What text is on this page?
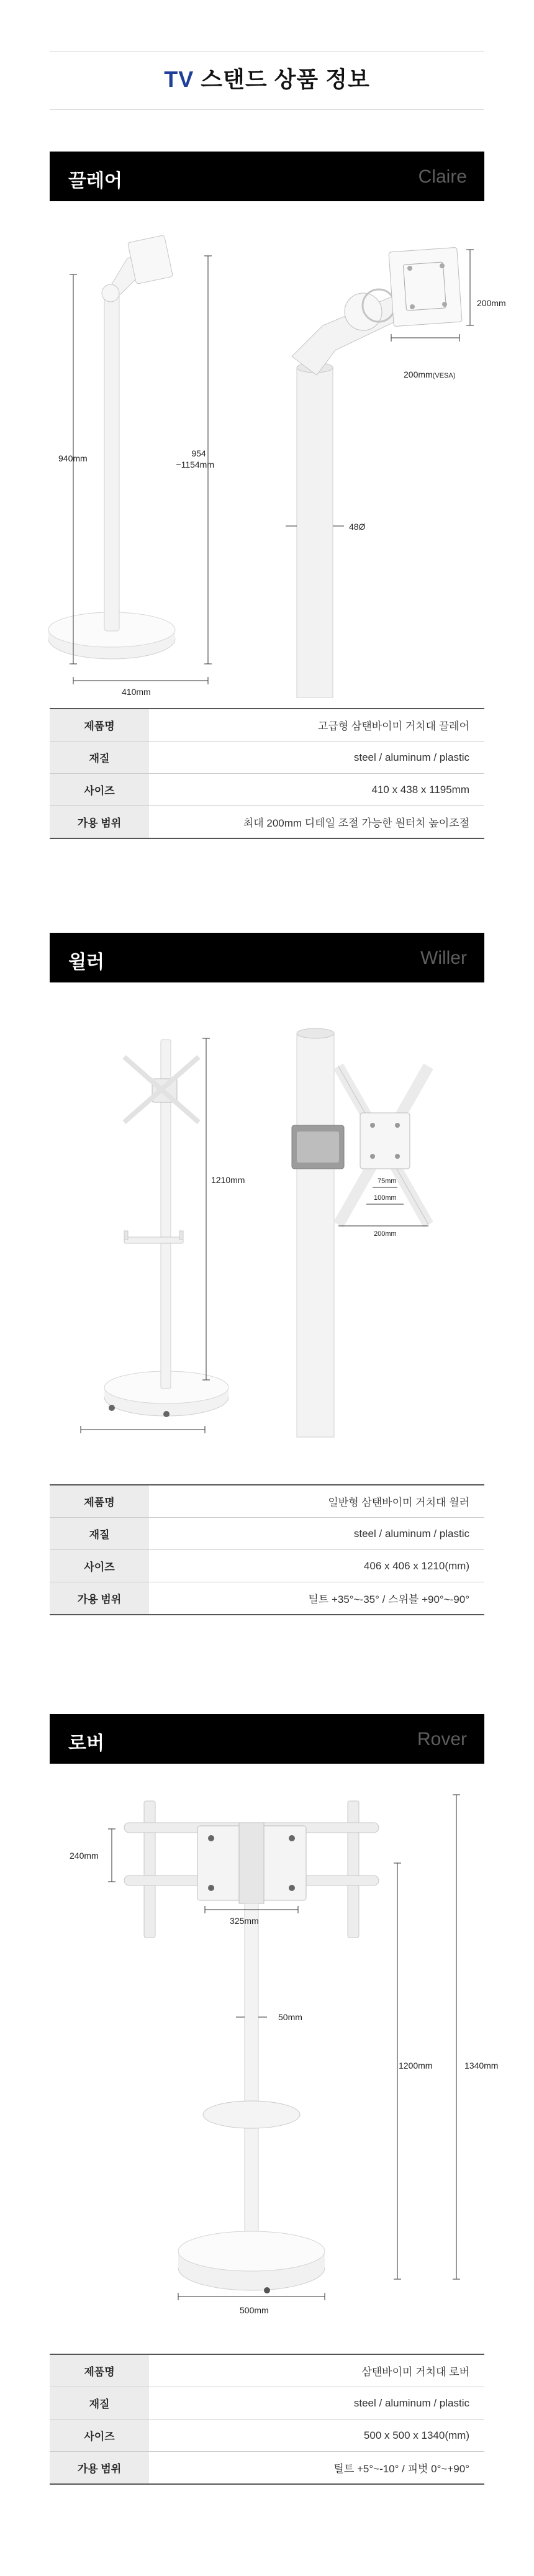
TV 스탠드 상품 정보
끌레어	Claire
940mm	954
~1154mm
410mm
200mm
200mm(VESA)
48Ø
제품명	고급형 삼탠바이미 거치대 끌레어
재질	steel / aluminum / plastic
사이즈	410 x 438 x 1195mm
가용 범위	최대 200mm 디테일 조절 가능한 원터치 높이조절
윌러	Willer
1210mm	75mm
100mm
200mm
제품명	일반형 삼탠바이미 거치대 윌러
재질	steel / aluminum / plastic
사이즈	406 x 406 x 1210(mm)
가용 범위	틸트 +35°~-35° / 스위블 +90°~-90°
로버	Rover
240mm
325mm
50mm
1200mm	1340mm
500mm
제품명	삼탠바이미 거치대 로버
재질	steel / aluminum / plastic
사이즈	500 x 500 x 1340(mm)
가용 범위	틸트 +5°~-10° / 피벗 0°~+90°
